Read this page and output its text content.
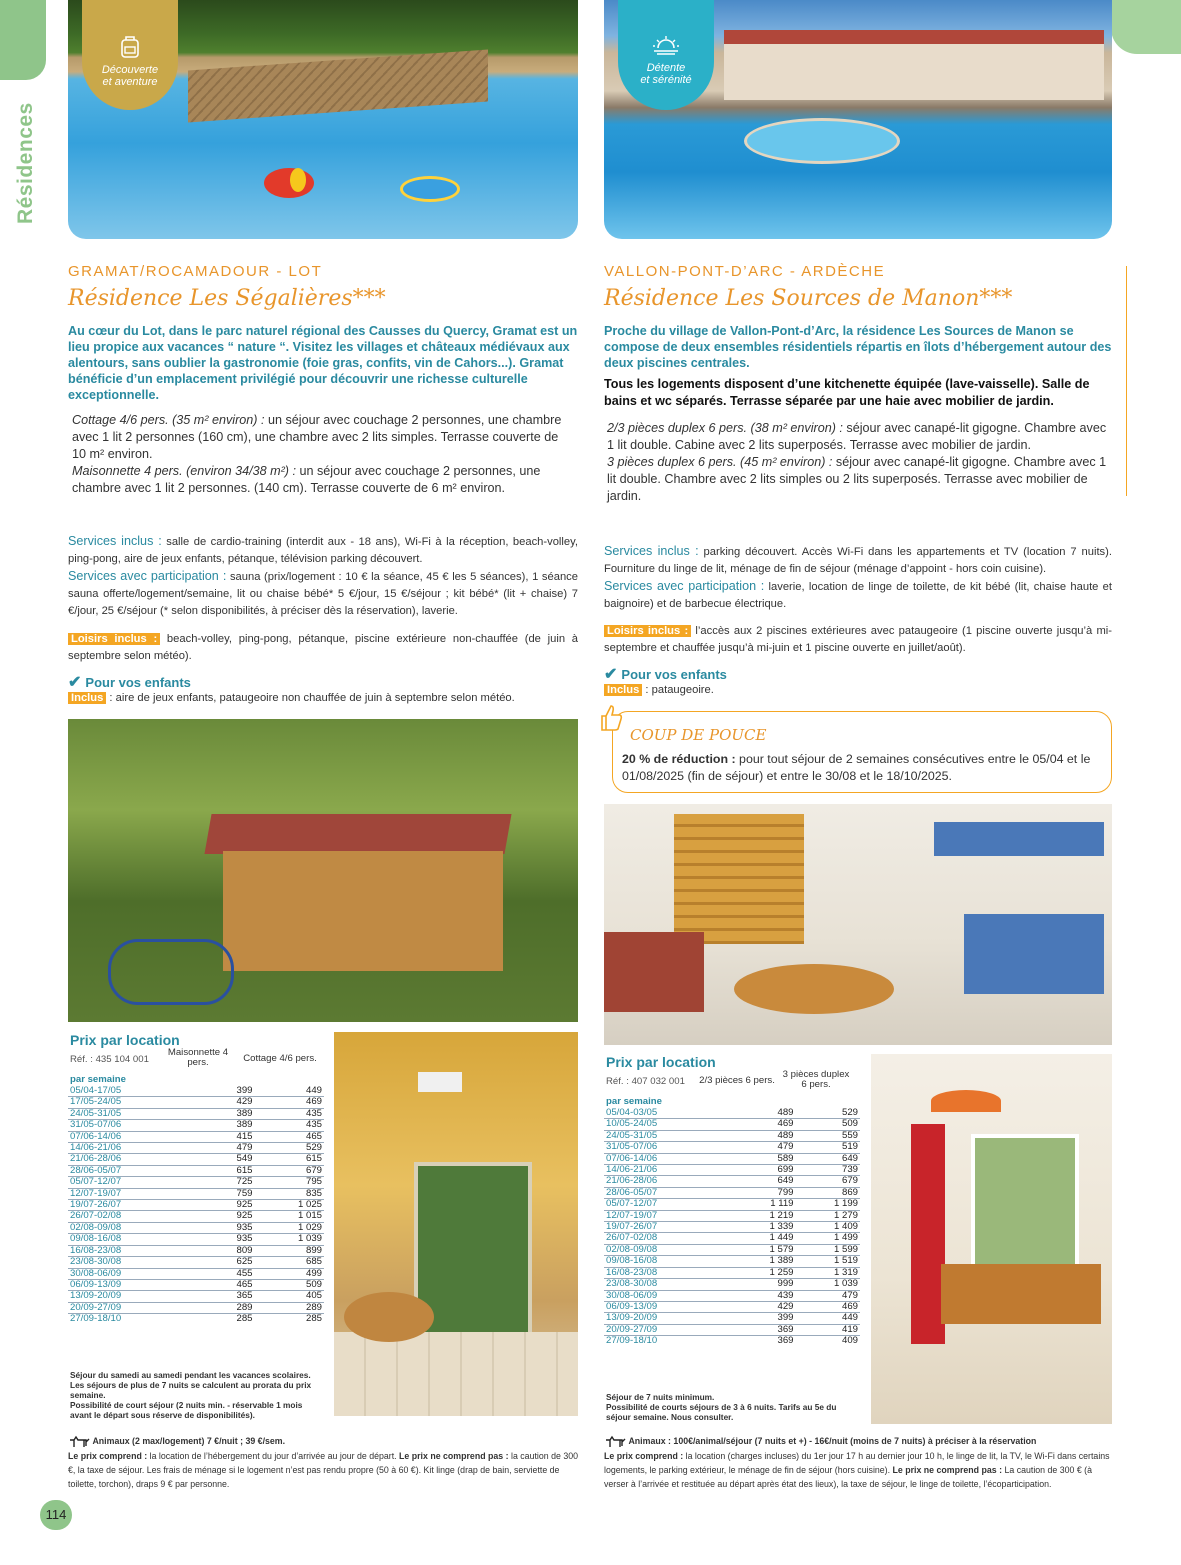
Résidences
Découverte
et aventure
GRAMAT/ROCAMADOUR - LOT
Résidence Les Ségalières***
Au cœur du Lot, dans le parc naturel régional des Causses du Quercy, Gramat est un lieu propice aux vacances “ nature “. Visitez les villages et châteaux médiévaux aux alentours, sans oublier la gastronomie (foie gras, confits, vin de Cahors...). Gramat bénéficie d’un emplacement privilégié pour découvrir une richesse culturelle exceptionnelle.
Cottage 4/6 pers. (35 m² environ) : un séjour avec couchage 2 personnes, une chambre avec 1 lit 2 personnes (160 cm), une chambre avec 2 lits simples. Terrasse couverte de 10 m² environ.
Maisonnette 4 pers. (environ 34/38 m²) : un séjour avec couchage 2 personnes, une chambre avec 1 lit 2 personnes. (140 cm). Terrasse couverte de 6 m² environ.
Services inclus : salle de cardio-training (interdit aux - 18 ans), Wi-Fi à la réception, beach-volley, ping-pong, aire de jeux enfants, pétanque, télévision parking découvert.
Services avec participation : sauna (prix/logement : 10 € la séance, 45 € les 5 séances), 1 séance sauna offerte/logement/semaine, lit ou chaise bébé* 5 €/jour, 15 €/séjour ; kit bébé* (lit + chaise) 7 €/jour, 25 €/séjour (* selon disponibilités, à préciser dès la réservation), laverie.
Loisirs inclus : beach-volley, ping-pong, pétanque, piscine extérieure non-chauffée (de juin à septembre selon météo).
✔ Pour vos enfants
Inclus : aire de jeux enfants, pataugeoire non chauffée de juin à septembre selon météo.
Prix par location
Réf. : 435 104 001
Maisonnette 4 pers.	Cottage 4/6 pers.
par semaine
05/04-17/05	399	449
17/05-24/05	429	469
24/05-31/05	389	435
31/05-07/06	389	435
07/06-14/06	415	465
14/06-21/06	479	529
21/06-28/06	549	615
28/06-05/07	615	679
05/07-12/07	725	795
12/07-19/07	759	835
19/07-26/07	925	1 025
26/07-02/08	925	1 015
02/08-09/08	935	1 029
09/08-16/08	935	1 039
16/08-23/08	809	899
23/08-30/08	625	685
30/08-06/09	455	499
06/09-13/09	465	509
13/09-20/09	365	405
20/09-27/09	289	289
27/09-18/10	285	285
Séjour du samedi au samedi pendant les vacances scolaires.
Les séjours de plus de 7 nuits se calculent au prorata du prix semaine.
Possibilité de court séjour (2 nuits min. - réservable 1 mois avant le départ sous réserve de disponibilités).
Animaux (2 max/logement) 7 €/nuit ; 39 €/sem.
Le prix comprend : la location de l’hébergement du jour d’arrivée au jour de départ. Le prix ne comprend pas : la caution de 300 €, la taxe de séjour. Les frais de ménage si le logement n’est pas rendu propre (50 à 60 €). Kit linge (drap de bain, serviette de toilette, torchon), draps 9 € par personne.
Détente
et sérénité
VALLON-PONT-D’ARC - ARDÈCHE
Résidence Les Sources de Manon***
Proche du village de Vallon-Pont-d’Arc, la résidence Les Sources de Manon se compose de deux ensembles résidentiels répartis en îlots d’hébergement autour des deux piscines centrales.
Tous les logements disposent d’une kitchenette équipée (lave-vaisselle). Salle de bains et wc séparés. Terrasse séparée par une haie avec mobilier de jardin.
2/3 pièces duplex 6 pers. (38 m² environ) : séjour avec canapé-lit gigogne. Chambre avec 1 lit double. Cabine avec 2 lits superposés. Terrasse avec mobilier de jardin.
3 pièces duplex 6 pers. (45 m² environ) : séjour avec canapé-lit gigogne. Chambre avec 1 lit double. Chambre avec 2 lits simples ou 2 lits superposés. Terrasse avec mobilier de jardin.
Services inclus : parking découvert. Accès Wi-Fi dans les appartements et TV (location 7 nuits). Fourniture du linge de lit, ménage de fin de séjour (ménage d’appoint - hors coin cuisine).
Services avec participation : laverie, location de linge de toilette, de kit bébé (lit, chaise haute et baignoire) et de barbecue électrique.
Loisirs inclus : l’accès aux 2 piscines extérieures avec pataugeoire (1 piscine ouverte jusqu’à mi-septembre et chauffée jusqu’à mi-juin et 1 piscine ouverte en juillet/août).
✔ Pour vos enfants
Inclus : pataugeoire.
COUP DE POUCE
20 % de réduction : pour tout séjour de 2 semaines consécutives entre le 05/04 et le 01/08/2025 (fin de séjour) et entre le 30/08 et le 18/10/2025.
Prix par location
Réf. : 407 032 001	2/3 pièces 6 pers.
3 pièces duplex 6 pers.
par semaine
05/04-03/05	489	529
10/05-24/05	469	509
24/05-31/05	489	559
31/05-07/06	479	519
07/06-14/06	589	649
14/06-21/06	699	739
21/06-28/06	649	679
28/06-05/07	799	869
05/07-12/07	1 119	1 199
12/07-19/07	1 219	1 279
19/07-26/07	1 339	1 409
26/07-02/08	1 449	1 499
02/08-09/08	1 579	1 599
09/08-16/08	1 389	1 519
16/08-23/08	1 259	1 319
23/08-30/08	999	1 039
30/08-06/09	439	479
06/09-13/09	429	469
13/09-20/09	399	449
20/09-27/09	369	419
27/09-18/10	369	409
Séjour de 7 nuits minimum.
Possibilité de courts séjours de 3 à 6 nuits. Tarifs au 5e du séjour semaine. Nous consulter.
Animaux : 100€/animal/séjour (7 nuits et +) - 16€/nuit (moins de 7 nuits) à préciser à la réservation
Le prix comprend : la location (charges incluses) du 1er jour 17 h au dernier jour 10 h, le linge de lit, la TV, le Wi-Fi dans certains logements, le parking extérieur, le ménage de fin de séjour (hors cuisine). Le prix ne comprend pas : La caution de 300 € (à verser à l’arrivée et restituée au départ après état des lieux), la taxe de séjour, le linge de toilette, l’écoparticipation.
114
